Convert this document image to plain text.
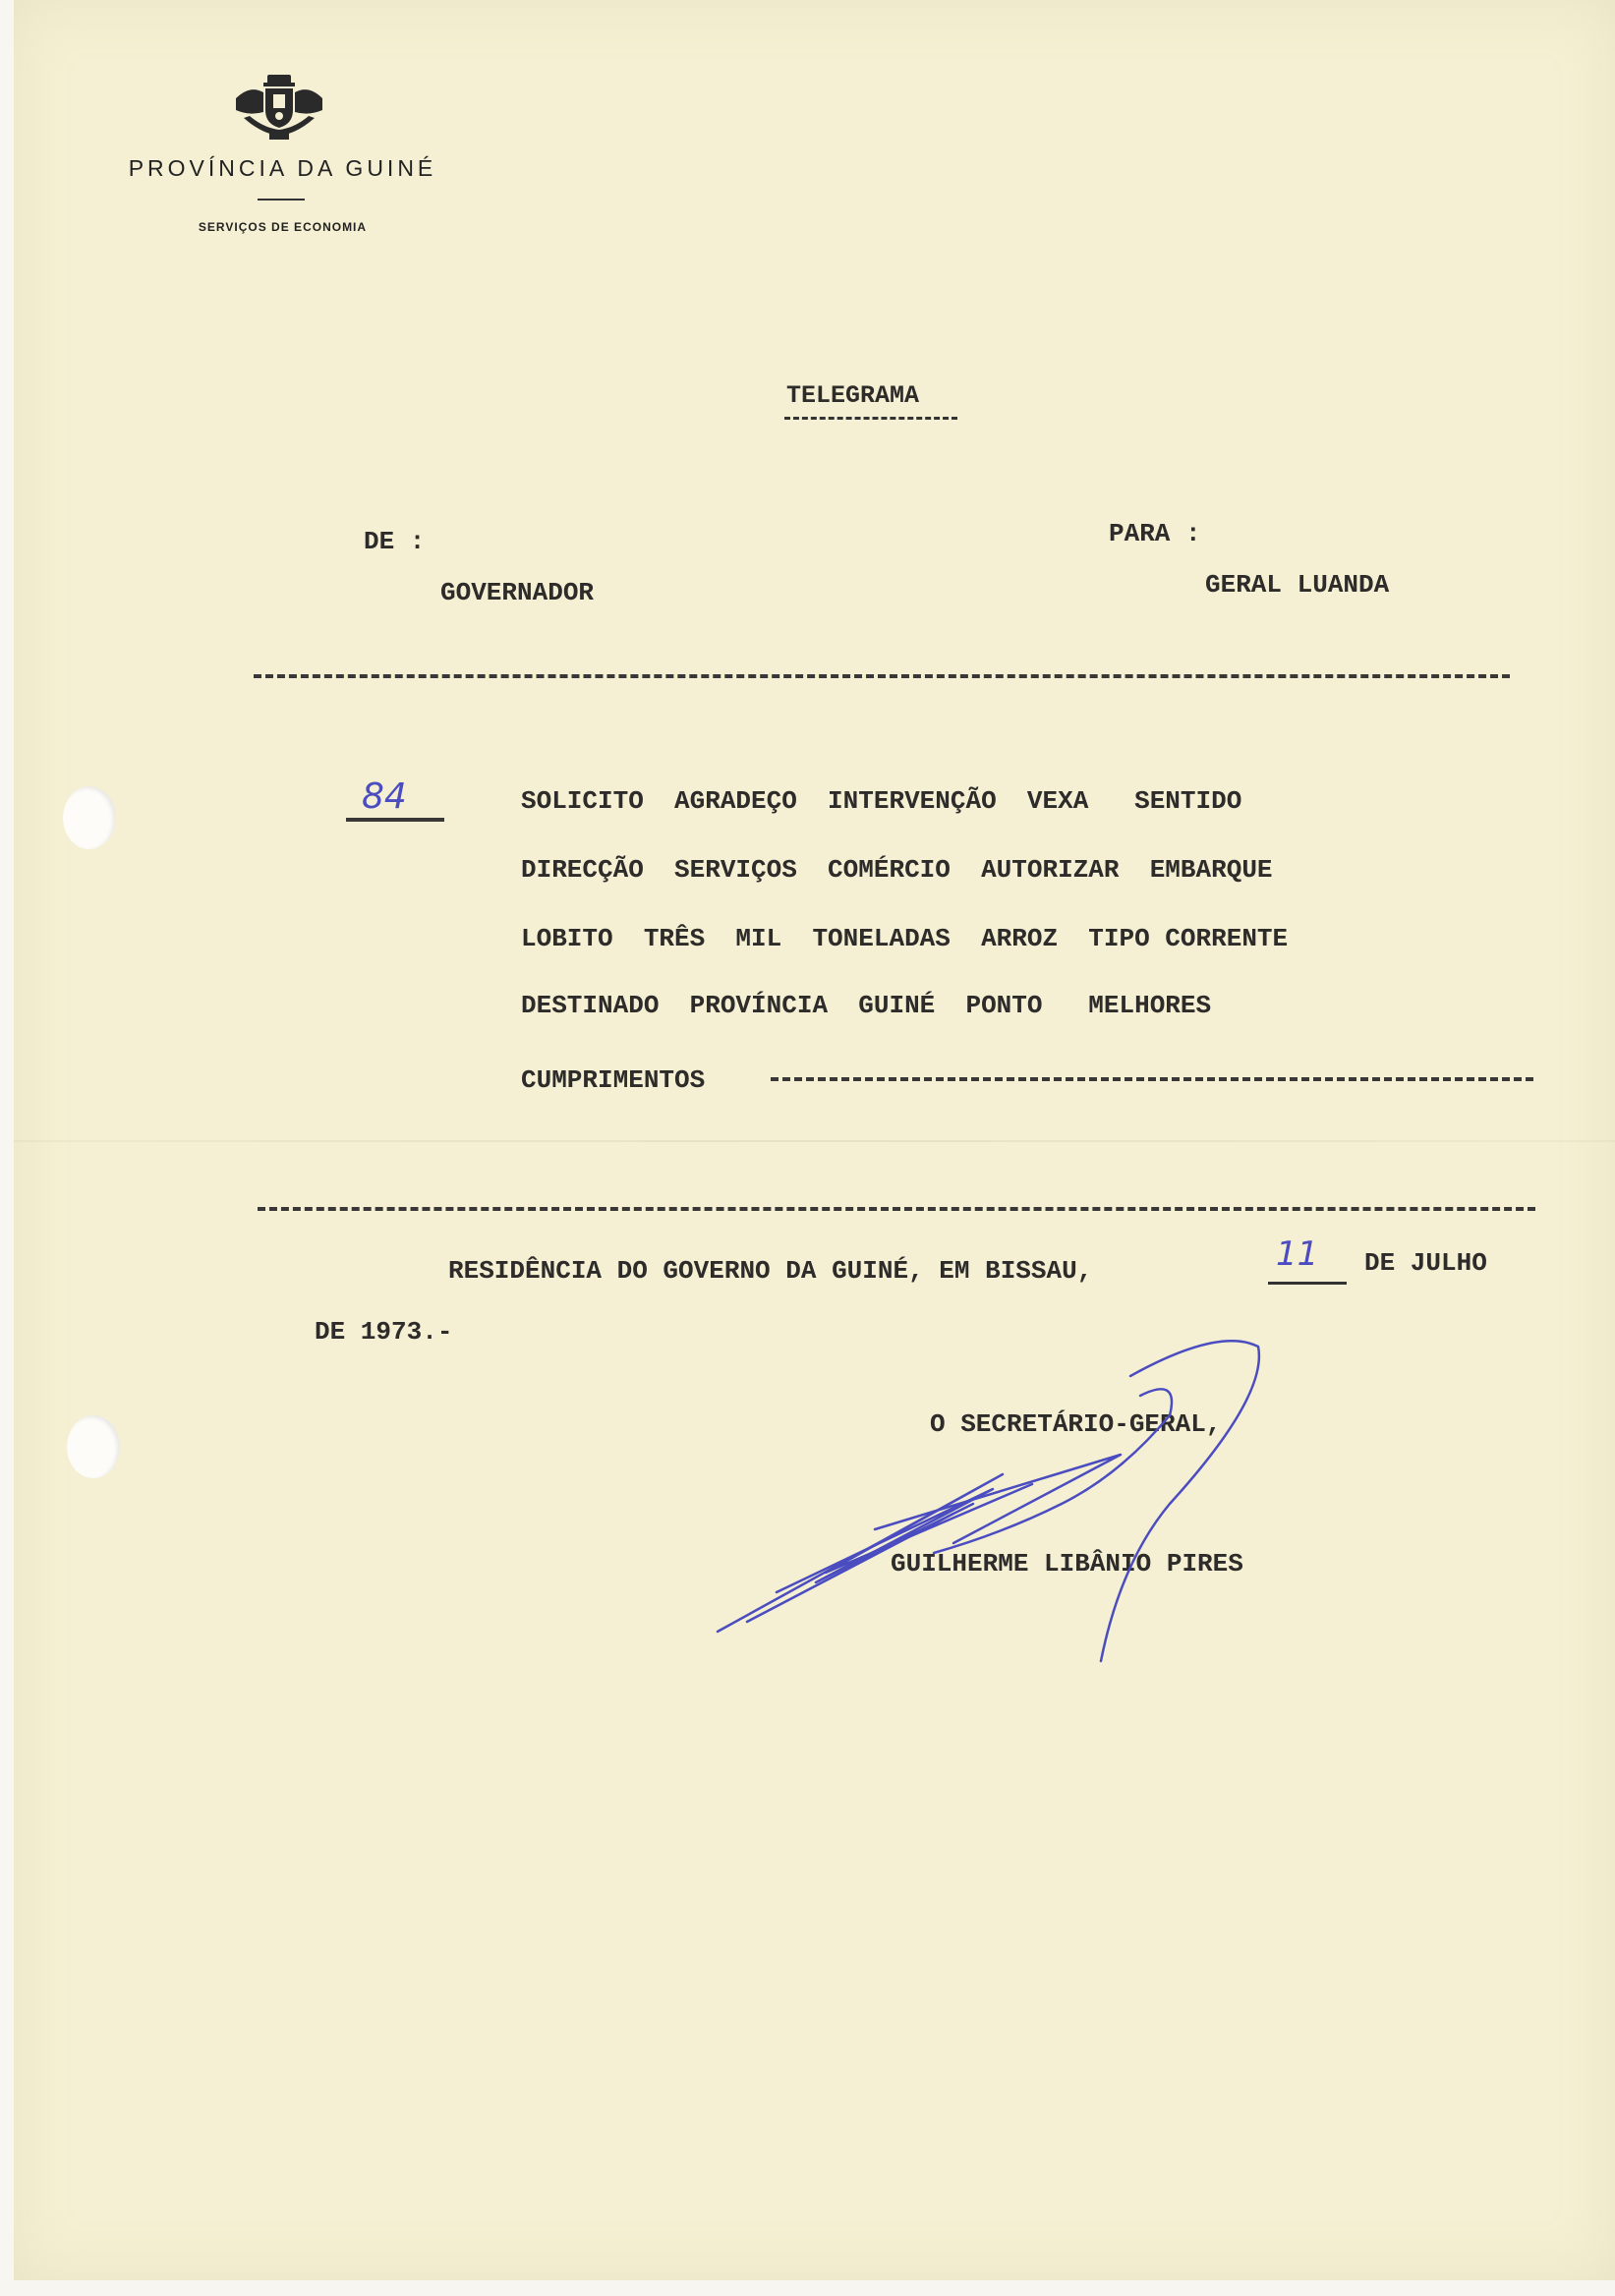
PROVÍNCIA DA GUINÉ
SERVIÇOS DE ECONOMIA
TELEGRAMA
DE :
GOVERNADOR
PARA :
GERAL LUANDA
84	SOLICITO  AGRADEÇO  INTERVENÇÃO  VEXA   SENTIDO
DIRECÇÃO  SERVIÇOS  COMÉRCIO  AUTORIZAR  EMBARQUE
LOBITO  TRÊS  MIL  TONELADAS  ARROZ  TIPO CORRENTE
DESTINADO  PROVÍNCIA  GUINÉ  PONTO   MELHORES
CUMPRIMENTOS
RESIDÊNCIA DO GOVERNO DA GUINÉ, EM BISSAU,	11 DE JULHO
DE 1973.-
O SECRETÁRIO-GERAL,
GUILHERME LIBÂNIO PIRES
